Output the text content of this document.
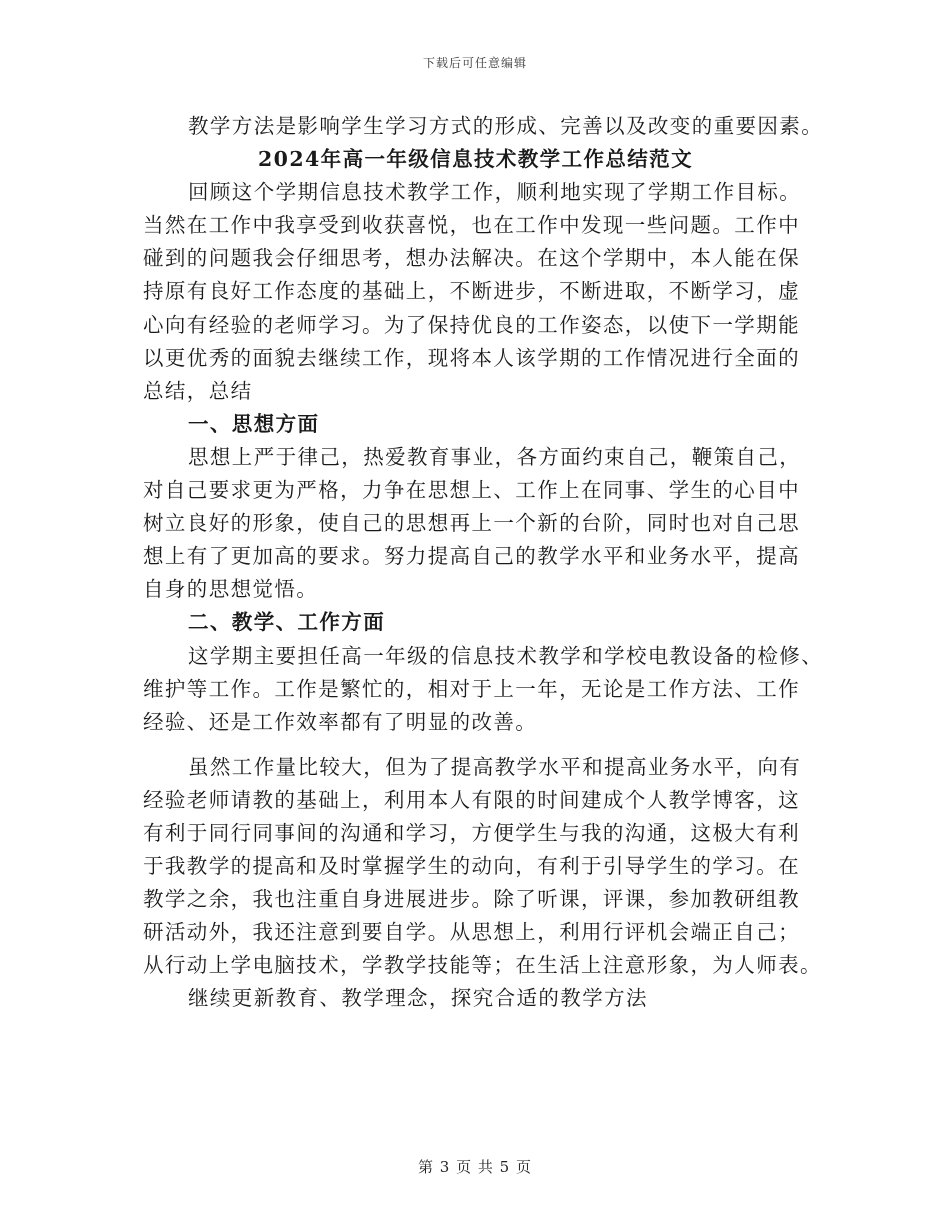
下载后可任意编辑
教学方法是影响学生学习方式的形成、完善以及改变的重要因素。
2024年高一年级信息技术教学工作总结范文
回顾这个学期信息技术教学工作，顺利地实现了学期工作目标。
当然在工作中我享受到收获喜悦，也在工作中发现一些问题。工作中
碰到的问题我会仔细思考，想办法解决。在这个学期中，本人能在保
持原有良好工作态度的基础上，不断进步，不断进取，不断学习，虚
心向有经验的老师学习。为了保持优良的工作姿态，以使下一学期能
以更优秀的面貌去继续工作，现将本人该学期的工作情况进行全面的
总结，总结
一、思想方面
思想上严于律己，热爱教育事业，各方面约束自己，鞭策自己，
对自己要求更为严格，力争在思想上、工作上在同事、学生的心目中
树立良好的形象，使自己的思想再上一个新的台阶，同时也对自己思
想上有了更加高的要求。努力提高自己的教学水平和业务水平，提高
自身的思想觉悟。
二、教学、工作方面
这学期主要担任高一年级的信息技术教学和学校电教设备的检修、
维护等工作。工作是繁忙的，相对于上一年，无论是工作方法、工作
经验、还是工作效率都有了明显的改善。
虽然工作量比较大，但为了提高教学水平和提高业务水平，向有
经验老师请教的基础上，利用本人有限的时间建成个人教学博客，这
有利于同行同事间的沟通和学习，方便学生与我的沟通，这极大有利
于我教学的提高和及时掌握学生的动向，有利于引导学生的学习。在
教学之余，我也注重自身进展进步。除了听课，评课，参加教研组教
研活动外，我还注意到要自学。从思想上，利用行评机会端正自己；
从行动上学电脑技术，学教学技能等；在生活上注意形象，为人师表。
继续更新教育、教学理念，探究合适的教学方法
第 3 页 共 5 页
